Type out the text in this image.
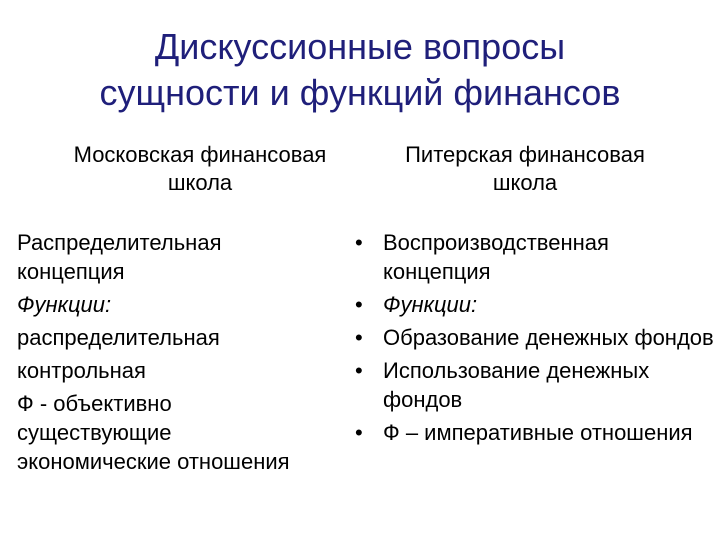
Дискуссионные вопросы
сущности и функций финансов
Московская финансовая
школа
Питерская финансовая
школа
Распределительная
концепция
Функции:
распределительная
контрольная
Ф - объективно
существующие
экономические отношения
• Воспроизводственная
концепция
• Функции:
• Образование денежных фондов
• Использование денежных
фондов
• Ф – императивные отношения
